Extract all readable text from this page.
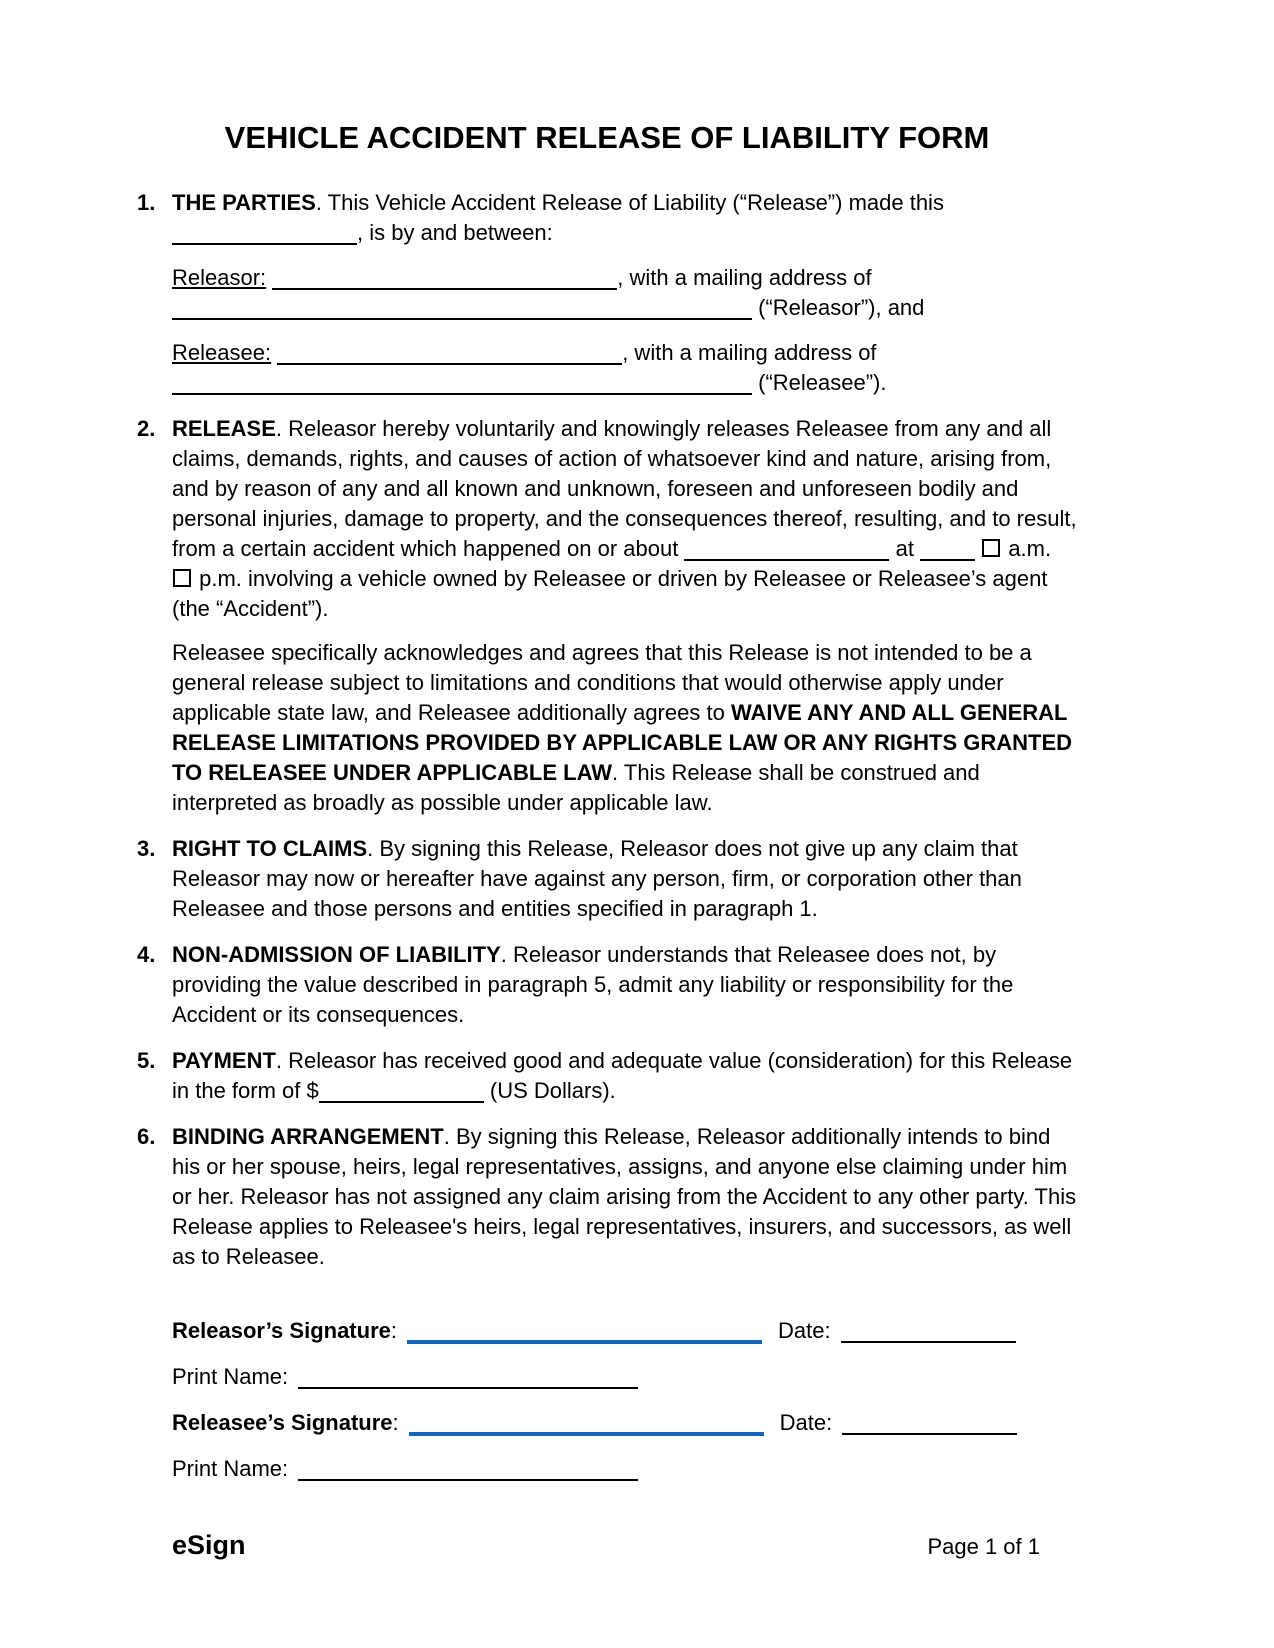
VEHICLE ACCIDENT RELEASE OF LIABILITY FORM
1. THE PARTIES. This Vehicle Accident Release of Liability (“Release”) made this , is by and between:

Releasor:	, with a mailing address of  (“Releasor”), and

Releasee:	, with a mailing address of  (“Releasee”).

2. RELEASE. Releasor hereby voluntarily and knowingly releases Releasee from any and all claims, demands, rights, and causes of action of whatsoever kind and nature, arising from, and by reason of any and all known and unknown, foreseen and unforeseen bodily and personal injuries, damage to property, and the consequences thereof, resulting, and to result, from a certain accident which happened on or about	at	a.m.  p.m. involving a vehicle owned by Releasee or driven by Releasee or Releasee’s agent (the “Accident”).

Releasee specifically acknowledges and agrees that this Release is not intended to be a general release subject to limitations and conditions that would otherwise apply under applicable state law, and Releasee additionally agrees to WAIVE ANY AND ALL GENERAL RELEASE LIMITATIONS PROVIDED BY APPLICABLE LAW OR ANY RIGHTS GRANTED TO RELEASEE UNDER APPLICABLE LAW. This Release shall be construed and interpreted as broadly as possible under applicable law.

3. RIGHT TO CLAIMS. By signing this Release, Releasor does not give up any claim that Releasor may now or hereafter have against any person, firm, or corporation other than Releasee and those persons and entities specified in paragraph 1.

4. NON-ADMISSION OF LIABILITY. Releasor understands that Releasee does not, by providing the value described in paragraph 5, admit any liability or responsibility for the Accident or its consequences.

5. PAYMENT. Releasor has received good and adequate value (consideration) for this Release in the form of $	(US Dollars).

6. BINDING ARRANGEMENT. By signing this Release, Releasor additionally intends to bind his or her spouse, heirs, legal representatives, assigns, and anyone else claiming under him or her. Releasor has not assigned any claim arising from the Accident to any other party. This Release applies to Releasee's heirs, legal representatives, insurers, and successors, as well as to Releasee.

Releasor’s Signature:	Date:
Print Name:
Releasee’s Signature:	Date:
Print Name:
eSign	Page 1 of 1
